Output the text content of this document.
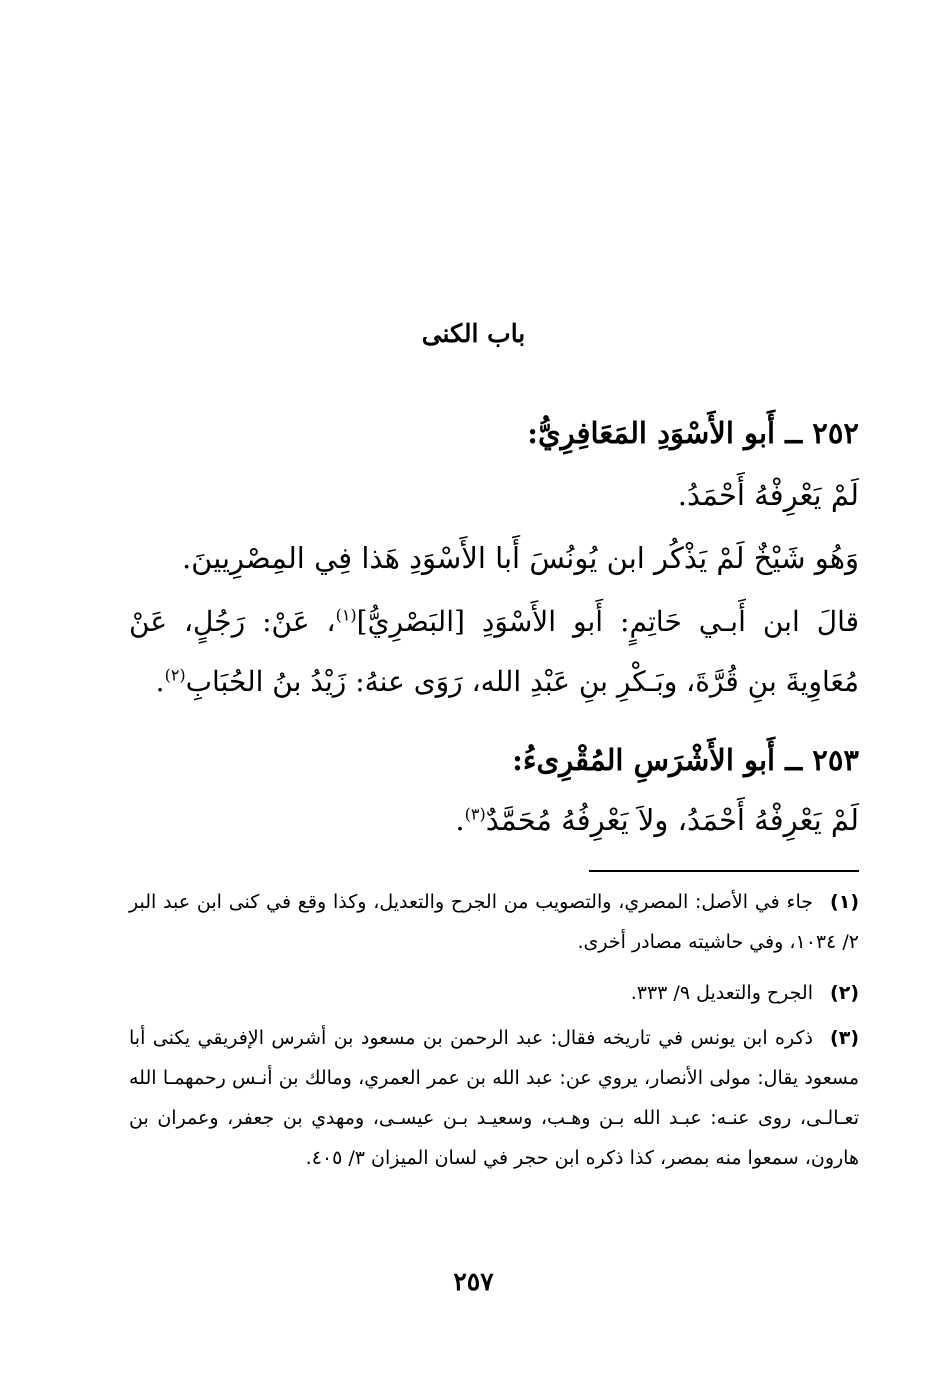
باب الكنى
٢٥٢ ــ أَبو الأَسْوَدِ المَعَافِرِيُّ:
لَمْ يَعْرِفْهُ أَحْمَدُ.
وَهُو شَيْخٌ لَمْ يَذْكُر ابن يُونُسَ أَبا الأَسْوَدِ هَذا فِي المِصْرِيينَ.
قالَ ابن أَبـي حَاتِمٍ: أَبو الأَسْوَدِ [البَصْرِيُّ]$^{(١)}$، عَنْ: رَجُلٍ، عَنْ مُعَاوِيةَ بنِ قُرَّةَ، وبَـكْرِ بنِ عَبْدِ الله، رَوَى عنهُ: زَيْدُ بنُ الحُبَابِ$^{(٢)}$.
٢٥٣ ــ أَبو الأَشْرَسِ المُقْرِىءُ:
لَمْ يَعْرِفْهُ أَحْمَدُ، ولاَ يَعْرِفُهُ مُحَمَّدٌ$^{(٣)}$.
(١)جاء في الأصل: المصري، والتصويب من الجرح والتعديل، وكذا وقع في كنى ابن عبد البر ٢/ ١٠٣٤، وفي حاشيته مصادر أخرى.
(٢)الجرح والتعديل ٩/ ٣٣٣.
(٣)ذكره ابن يونس في تاريخه فقال: عبد الرحمن بن مسعود بن أشرس الإفريقي يكنى أبا مسعود يقال: مولى الأنصار، يروي عن: عبد الله بن عمر العمري، ومالك بن أنـس رحمهمـا الله تعـالـى، روى عنـه: عبـد الله بـن وهـب، وسعيـد بـن عيسـى، ومهدي بن جعفر، وعمران بن هارون، سمعوا منه بمصر، كذا ذكره ابن حجر في لسان الميزان ٣/ ٤٠٥.
٢٥٧
